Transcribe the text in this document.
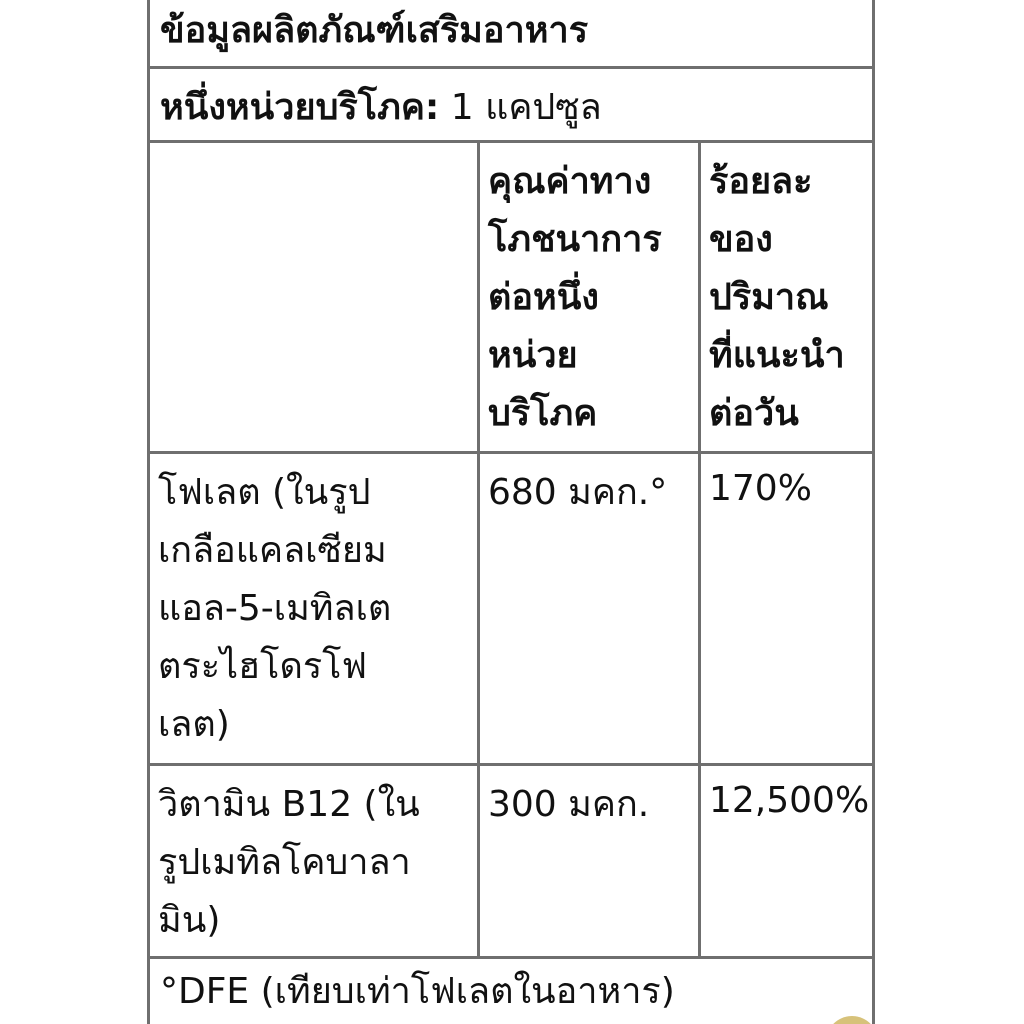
ข้อมูลผลิตภัณฑ์เสริมอาหาร
หนึ่งหน่วยบริโภค: 1 แคปซูล
คุณค่าทาง
โภชนาการ
ต่อหนึ่ง
หน่วย
บริโภค
ร้อยละ
ของ
ปริมาณ
ที่แนะนำ
ต่อวัน
โฟเลต (ในรูป
เกลือแคลเซียม
แอล-5-เมทิลเต
ตระไฮโดรโฟ
เลต)
680 มคก.°	170%
วิตามิน B12 (ใน
รูปเมทิลโคบาลา
มิน)
300 มคก.	12,500%
°DFE (เทียบเท่าโฟเลตในอาหาร)
